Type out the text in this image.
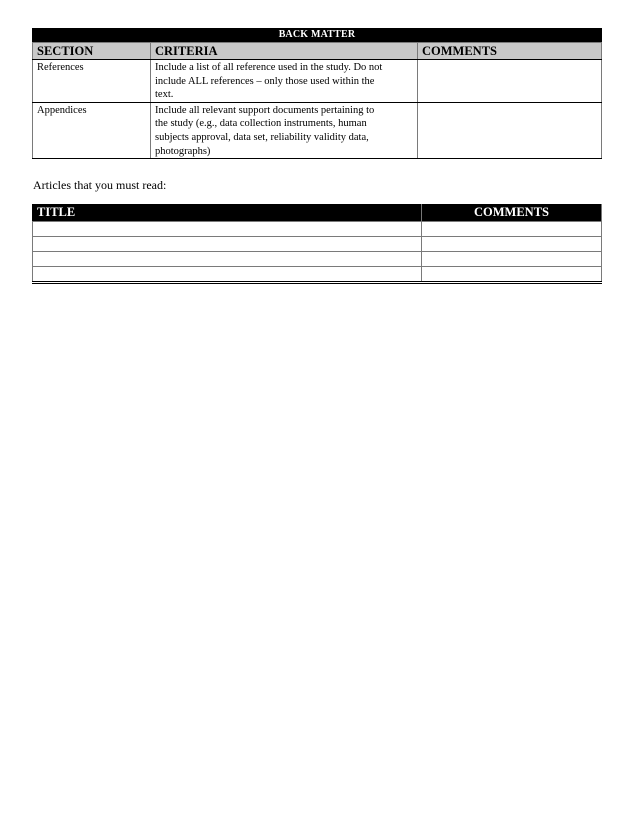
BACK MATTER		
SECTION	CRITERIA	COMMENTS
References	Include a list of all reference used in the study. Do not
include ALL references – only those used within the
text.	

Appendices	Include all relevant support documents pertaining to
the study (e.g., data collection instruments, human
subjects approval, data set, reliability validity data,
photographs)	

Articles that you must read:

TITLE	COMMENTS
